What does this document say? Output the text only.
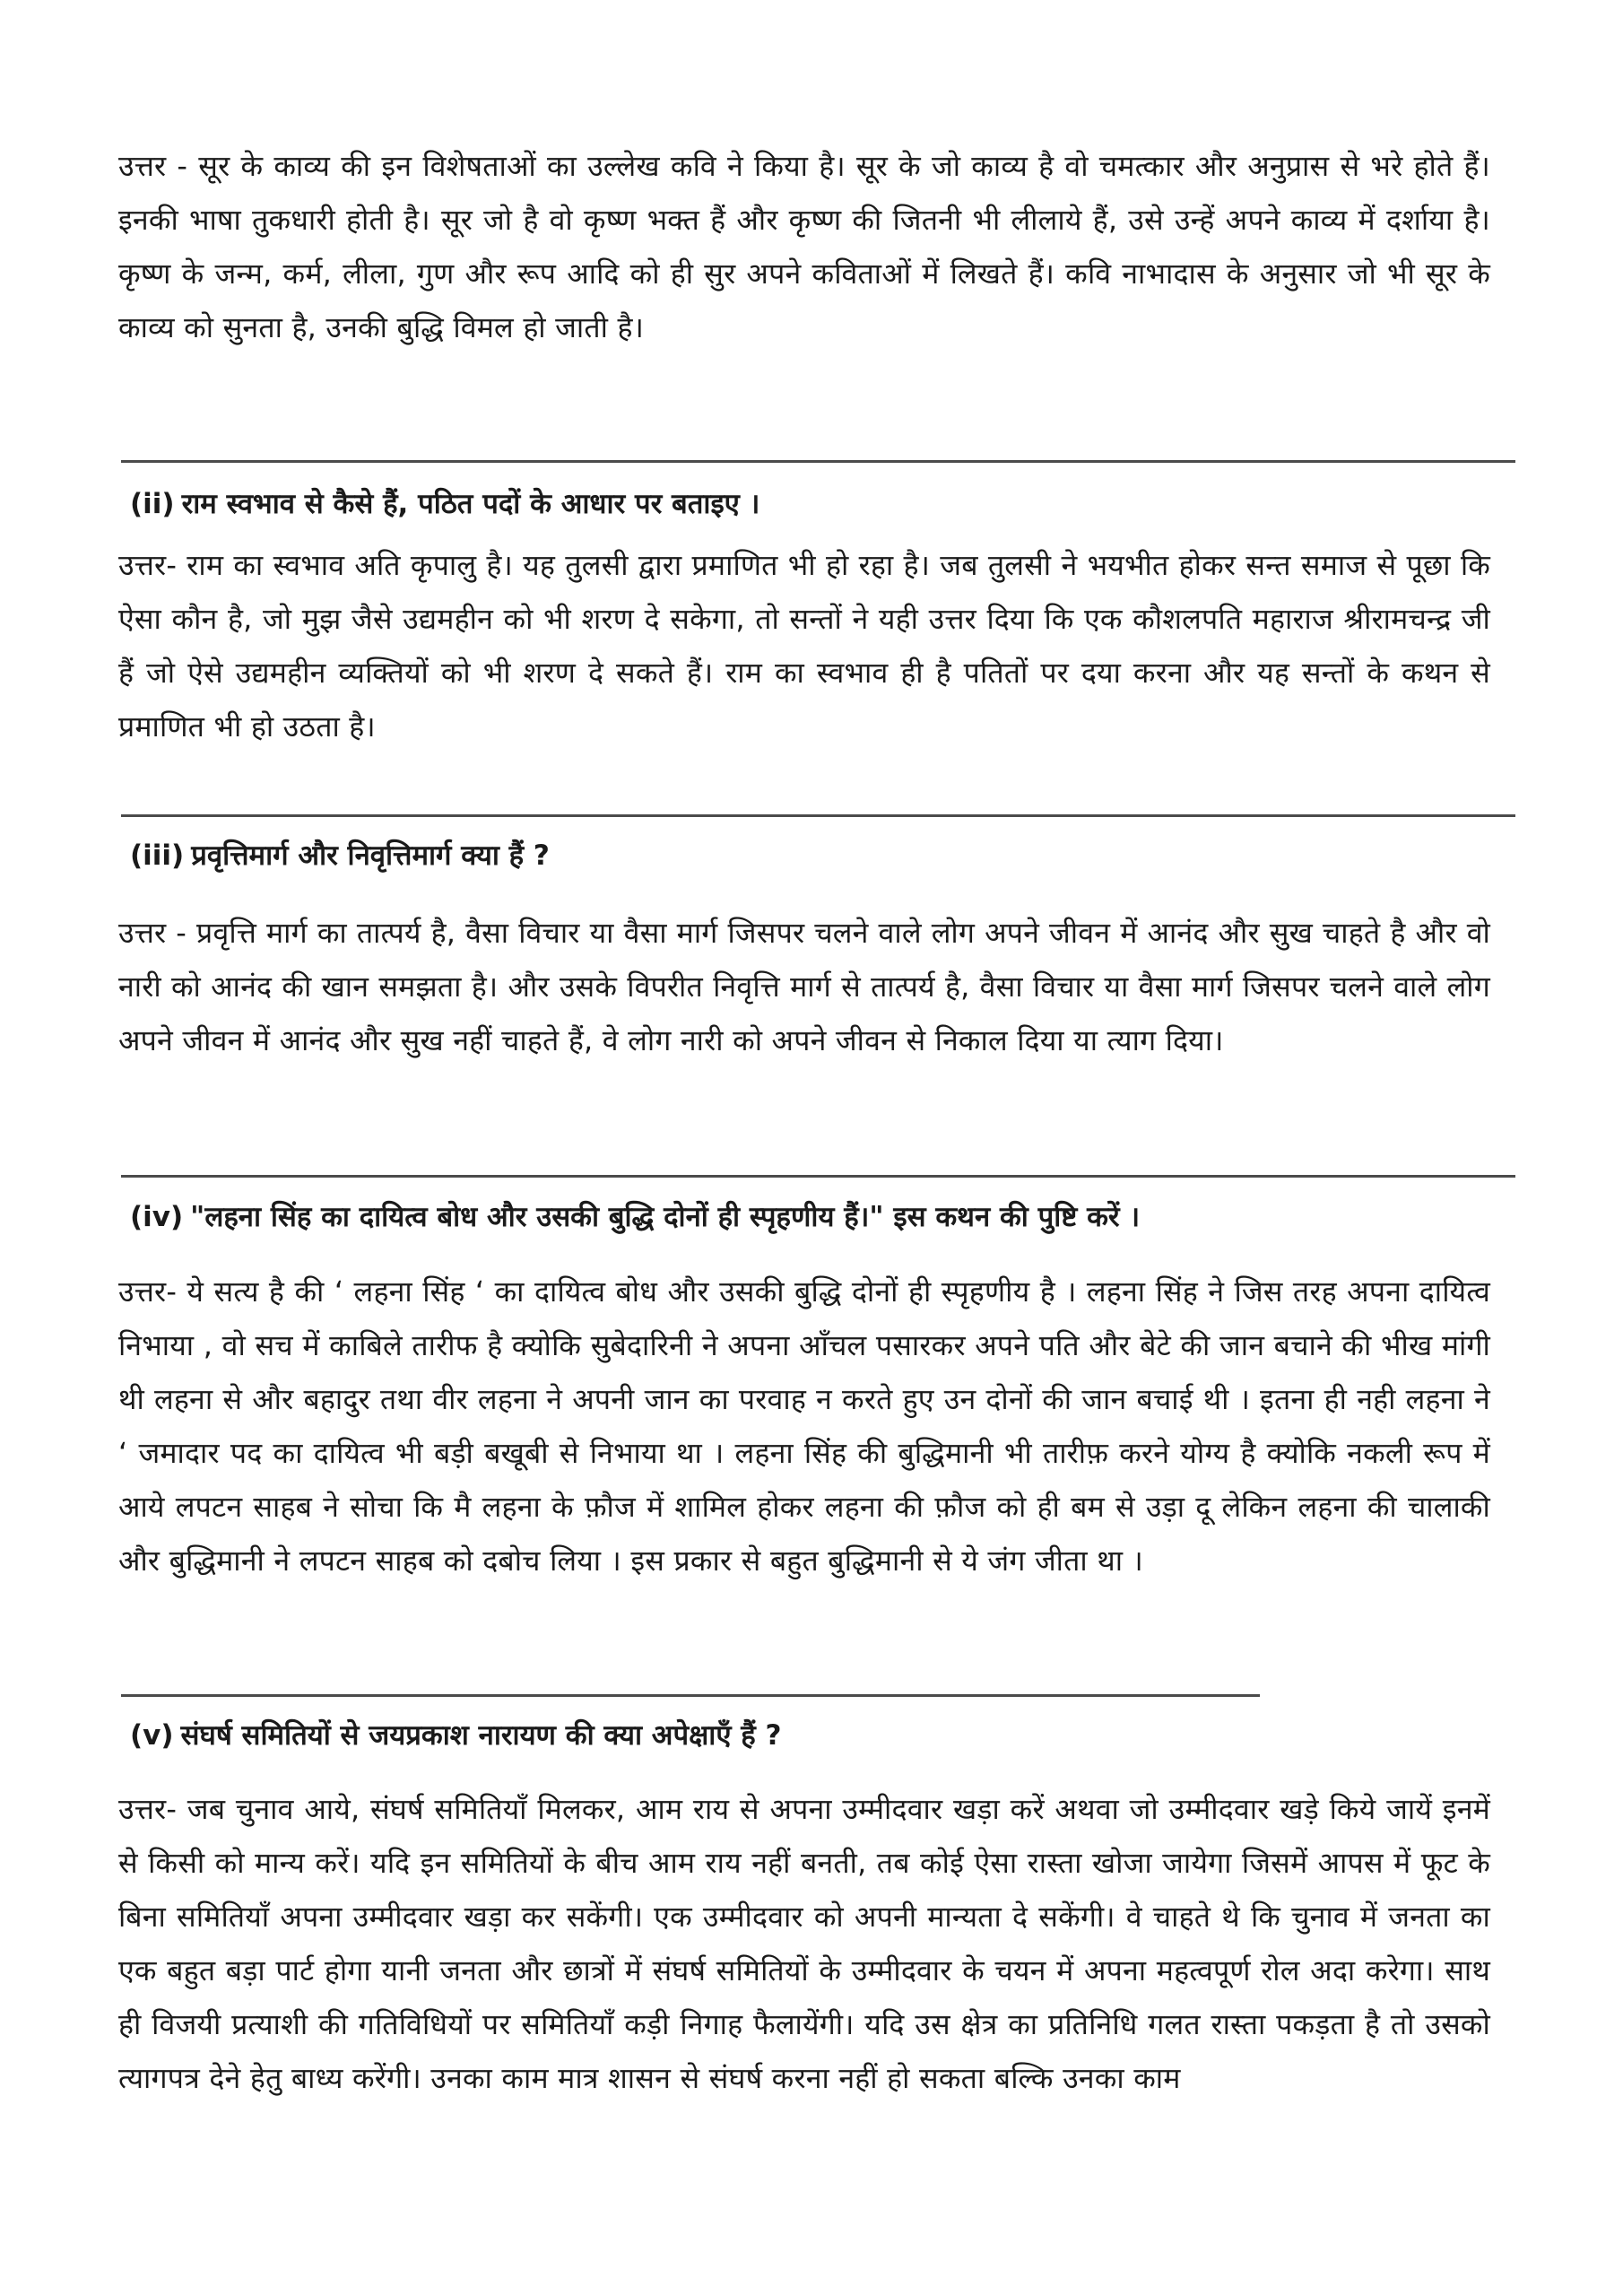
उत्तर - सूर के काव्य की इन विशेषताओं का उल्लेख कवि ने किया है। सूर के जो काव्य है वो चमत्कार और अनुप्रास से भरे होते हैं। इनकी भाषा तुकधारी होती है। सूर जो है वो कृष्ण भक्त हैं और कृष्ण की जितनी भी लीलाये हैं, उसे उन्हें अपने काव्य में दर्शाया है। कृष्ण के जन्म, कर्म, लीला, गुण और रूप आदि को ही सुर अपने कविताओं में लिखते हैं। कवि नाभादास के अनुसार जो भी सूर के काव्य को सुनता है, उनकी बुद्धि विमल हो जाती है।

(ii) राम स्वभाव से कैसे हैं, पठित पदों के आधार पर बताइए ।

उत्तर- राम का स्वभाव अति कृपालु है। यह तुलसी द्वारा प्रमाणित भी हो रहा है। जब तुलसी ने भयभीत होकर सन्त समाज से पूछा कि ऐसा कौन है, जो मुझ जैसे उद्यमहीन को भी शरण दे सकेगा, तो सन्तों ने यही उत्तर दिया कि एक कौशलपति महाराज श्रीरामचन्द्र जी हैं जो ऐसे उद्यमहीन व्यक्तियों को भी शरण दे सकते हैं। राम का स्वभाव ही है पतितों पर दया करना और यह सन्तों के कथन से प्रमाणित भी हो उठता है।

(iii) प्रवृत्तिमार्ग और निवृत्तिमार्ग क्या हैं ?

उत्तर - प्रवृत्ति मार्ग का तात्पर्य है, वैसा विचार या वैसा मार्ग जिसपर चलने वाले लोग अपने जीवन में आनंद और सुख चाहते है और वो नारी को आनंद की खान समझता है। और उसके विपरीत निवृत्ति मार्ग से तात्पर्य है, वैसा विचार या वैसा मार्ग जिसपर चलने वाले लोग अपने जीवन में आनंद और सुख नहीं चाहते हैं, वे लोग नारी को अपने जीवन से निकाल दिया या त्याग दिया।

(iv) "लहना सिंह का दायित्व बोध और उसकी बुद्धि दोनों ही स्पृहणीय हैं।" इस कथन की पुष्टि करें ।

उत्तर- ये सत्य है की ‘ लहना सिंह ‘ का दायित्व बोध और उसकी बुद्धि दोनों ही स्पृहणीय है । लहना सिंह ने जिस तरह अपना दायित्व निभाया , वो सच में काबिले तारीफ है क्योकि सुबेदारिनी ने अपना आँचल पसारकर अपने पति और बेटे की जान बचाने की भीख मांगी थी लहना से और बहादुर तथा वीर लहना ने अपनी जान का परवाह न करते हुए उन दोनों की जान बचाई थी । इतना ही नही लहना ने ‘ जमादार पद का दायित्व भी बड़ी बखूबी से निभाया था । लहना सिंह की बुद्धिमानी भी तारीफ़ करने योग्य है क्योकि नकली रूप में आये लपटन साहब ने सोचा कि मै लहना के फ़ौज में शामिल होकर लहना की फ़ौज को ही बम से उड़ा दू लेकिन लहना की चालाकी और बुद्धिमानी ने लपटन साहब को दबोच लिया । इस प्रकार से बहुत बुद्धिमानी से ये जंग जीता था ।

(v) संघर्ष समितियों से जयप्रकाश नारायण की क्या अपेक्षाएँ हैं ?

उत्तर- जब चुनाव आये, संघर्ष समितियाँ मिलकर, आम राय से अपना उम्मीदवार खड़ा करें अथवा जो उम्मीदवार खड़े किये जायें इनमें से किसी को मान्य करें। यदि इन समितियों के बीच आम राय नहीं बनती, तब कोई ऐसा रास्ता खोजा जायेगा जिसमें आपस में फूट के बिना समितियाँ अपना उम्मीदवार खड़ा कर सकेंगी। एक उम्मीदवार को अपनी मान्यता दे सकेंगी। वे चाहते थे कि चुनाव में जनता का एक बहुत बड़ा पार्ट होगा यानी जनता और छात्रों में संघर्ष समितियों के उम्मीदवार के चयन में अपना महत्वपूर्ण रोल अदा करेगा। साथ ही विजयी प्रत्याशी की गतिविधियों पर समितियाँ कड़ी निगाह फैलायेंगी। यदि उस क्षेत्र का प्रतिनिधि गलत रास्ता पकड़ता है तो उसको त्यागपत्र देने हेतु बाध्य करेंगी। उनका काम मात्र शासन से संघर्ष करना नहीं हो सकता बल्कि उनका काम
